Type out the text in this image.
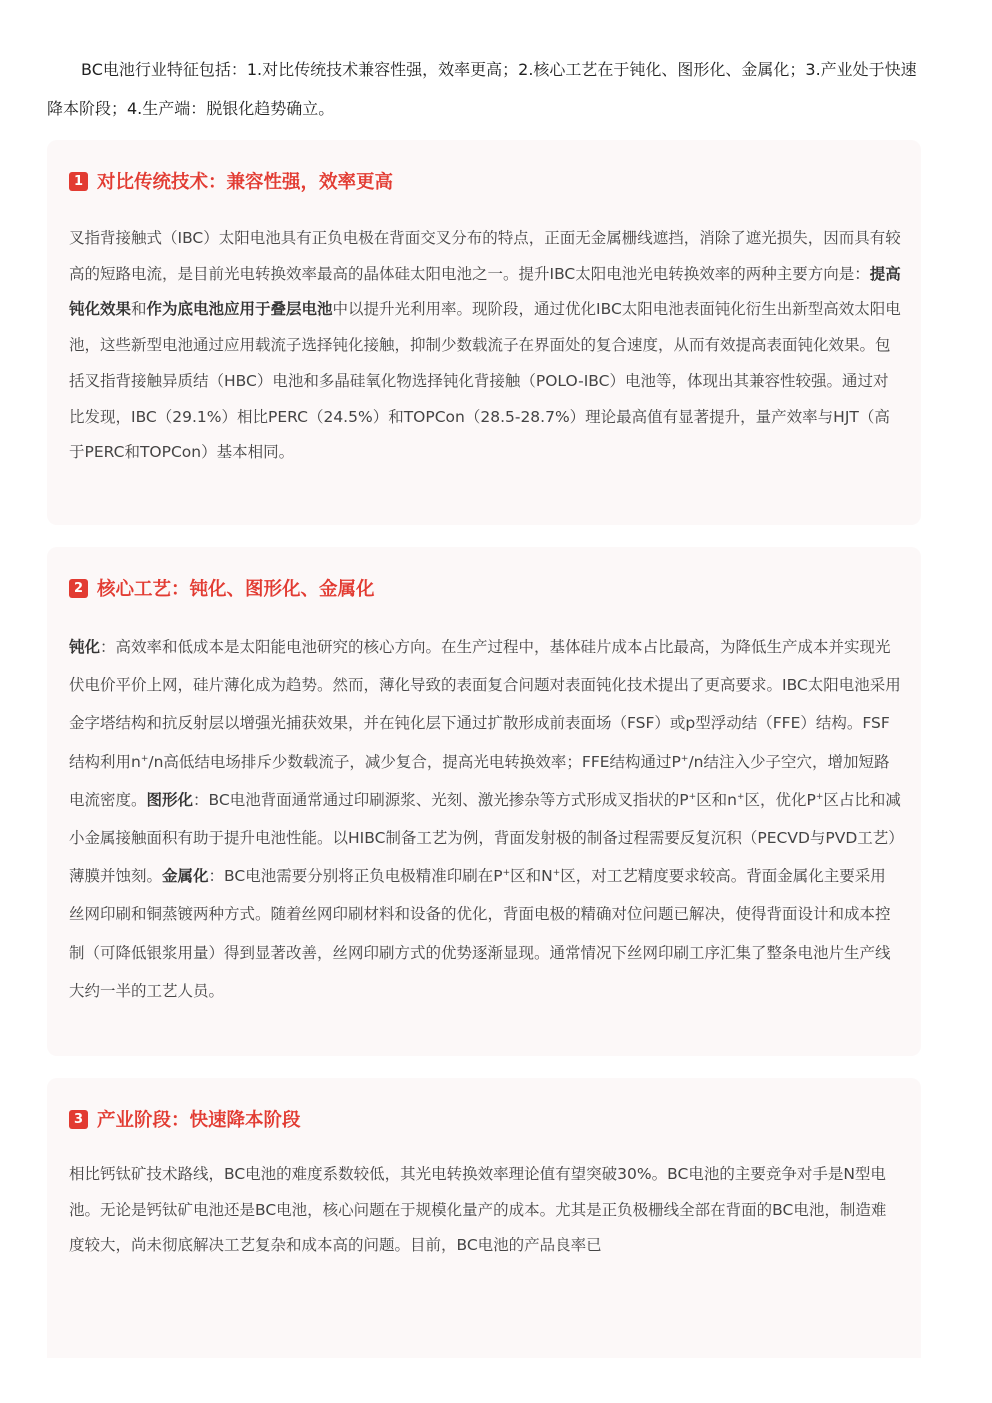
BC电池行业特征包括：1.对比传统技术兼容性强，效率更高；2.核心工艺在于钝化、图形化、金属化；3.产业处于快速降本阶段；4.生产端：脱银化趋势确立。

1 对比传统技术：兼容性强，效率更高

叉指背接触式（IBC）太阳电池具有正负电极在背面交叉分布的特点，正面无金属栅线遮挡，消除了遮光损失，因而具有较高的短路电流，是目前光电转换效率最高的晶体硅太阳电池之一。提升IBC太阳电池光电转换效率的两种主要方向是：提高钝化效果和作为底电池应用于叠层电池中以提升光利用率。现阶段，通过优化IBC太阳电池表面钝化衍生出新型高效太阳电池，这些新型电池通过应用载流子选择钝化接触，抑制少数载流子在界面处的复合速度，从而有效提高表面钝化效果。包括叉指背接触异质结（HBC）电池和多晶硅氧化物选择钝化背接触（POLO-IBC）电池等，体现出其兼容性较强。通过对比发现，IBC（29.1%）相比PERC（24.5%）和TOPCon（28.5-28.7%）理论最高值有显著提升，量产效率与HJT（高于PERC和TOPCon）基本相同。

2 核心工艺：钝化、图形化、金属化

钝化：高效率和低成本是太阳能电池研究的核心方向。在生产过程中，基体硅片成本占比最高，为降低生产成本并实现光伏电价平价上网，硅片薄化成为趋势。然而，薄化导致的表面复合问题对表面钝化技术提出了更高要求。IBC太阳电池采用金字塔结构和抗反射层以增强光捕获效果，并在钝化层下通过扩散形成前表面场（FSF）或p型浮动结（FFE）结构。FSF结构利用n+/n高低结电场排斥少数载流子，减少复合，提高光电转换效率；FFE结构通过P+/n结注入少子空穴，增加短路电流密度。图形化：BC电池背面通常通过印刷源浆、光刻、激光掺杂等方式形成叉指状的P+区和n+区，优化P+区占比和减小金属接触面积有助于提升电池性能。以HIBC制备工艺为例，背面发射极的制备过程需要反复沉积（PECVD与PVD工艺）薄膜并蚀刻。金属化：BC电池需要分别将正负电极精准印刷在P+区和N+区，对工艺精度要求较高。背面金属化主要采用丝网印刷和铜蒸镀两种方式。随着丝网印刷材料和设备的优化，背面电极的精确对位问题已解决，使得背面设计和成本控制（可降低银浆用量）得到显著改善，丝网印刷方式的优势逐渐显现。通常情况下丝网印刷工序汇集了整条电池片生产线大约一半的工艺人员。

3 产业阶段：快速降本阶段

相比钙钛矿技术路线，BC电池的难度系数较低，其光电转换效率理论值有望突破30%。BC电池的主要竞争对手是N型电池。无论是钙钛矿电池还是BC电池，核心问题在于规模化量产的成本。尤其是正负极栅线全部在背面的BC电池，制造难度较大，尚未彻底解决工艺复杂和成本高的问题。目前，BC电池的产品良率已
